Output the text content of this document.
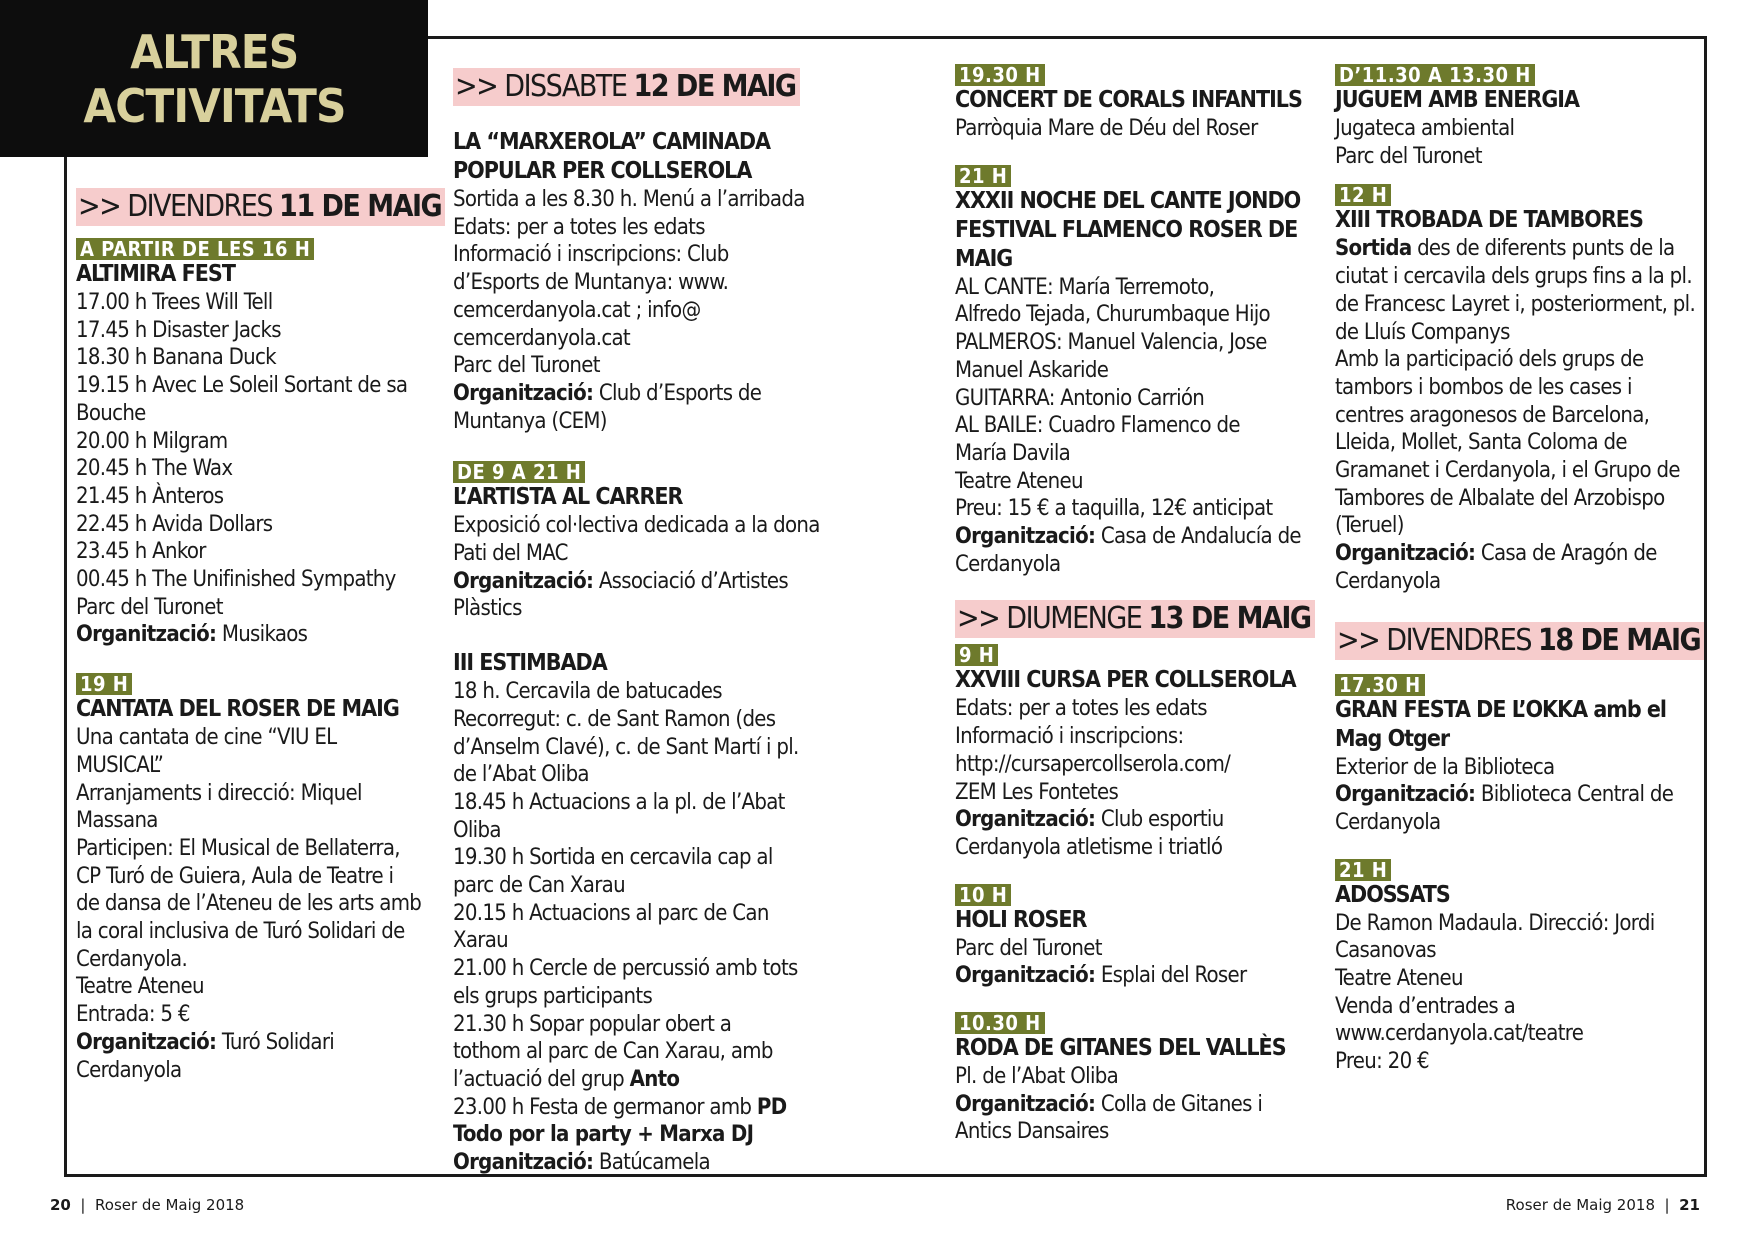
ALTRES
ACTIVITATS
>> DIVENDRES 11 DE MAIG
A PARTIR DE LES 16 H
ALTIMIRA FEST
17.00 h Trees Will Tell
17.45 h Disaster Jacks
18.30 h Banana Duck
19.15 h Avec Le Soleil Sortant de sa
Bouche
20.00 h Milgram
20.45 h The Wax
21.45 h Ànteros
22.45 h Avida Dollars
23.45 h Ankor
00.45 h The Unifinished Sympathy
Parc del Turonet
Organització: Musikaos
19 H
CANTATA DEL ROSER DE MAIG
Una cantata de cine “VIU EL
MUSICAL”
Arranjaments i direcció: Miquel
Massana
Participen: El Musical de Bellaterra,
CP Turó de Guiera, Aula de Teatre i
de dansa de l’Ateneu de les arts amb
la coral inclusiva de Turó Solidari de
Cerdanyola.
Teatre Ateneu
Entrada: 5 €
Organització: Turó Solidari
Cerdanyola
>> DISSABTE 12 DE MAIG
LA “MARXEROLA” CAMINADA
POPULAR PER COLLSEROLA
Sortida a les 8.30 h. Menú a l’arribada
Edats: per a totes les edats
Informació i inscripcions: Club
d’Esports de Muntanya: www.
cemcerdanyola.cat ; info@
cemcerdanyola.cat
Parc del Turonet
Organització: Club d’Esports de
Muntanya (CEM)
DE 9 A 21 H
L’ARTISTA AL CARRER
Exposició col·lectiva dedicada a la dona
Pati del MAC
Organització: Associació d’Artistes
Plàstics
III ESTIMBADA
18 h. Cercavila de batucades
Recorregut: c. de Sant Ramon (des
d’Anselm Clavé), c. de Sant Martí i pl.
de l’Abat Oliba
18.45 h Actuacions a la pl. de l’Abat Oliba
19.30 h Sortida en cercavila cap al
parc de Can Xarau
20.15 h Actuacions al parc de Can
Xarau
21.00 h Cercle de percussió amb tots
els grups participants
21.30 h Sopar popular obert a
tothom al parc de Can Xarau, amb
l’actuació del grup Anto
23.00 h Festa de germanor amb PD
Todo por la party + Marxa DJ
Organització: Batúcamela
19.30 H
CONCERT DE CORALS INFANTILS
Parròquia Mare de Déu del Roser
21 H
XXXII NOCHE DEL CANTE JONDO
FESTIVAL FLAMENCO ROSER DE MAIG
AL CANTE: María Terremoto,
Alfredo Tejada, Churumbaque Hijo
PALMEROS: Manuel Valencia, Jose
Manuel Askaride
GUITARRA: Antonio Carrión
AL BAILE: Cuadro Flamenco de
María Davila
Teatre Ateneu
Preu: 15 € a taquilla, 12€ anticipat
Organització: Casa de Andalucía de
Cerdanyola
>> DIUMENGE 13 DE MAIG
9 H
XXVIII CURSA PER COLLSEROLA
Edats: per a totes les edats
Informació i inscripcions:
http://cursapercollserola.com/
ZEM Les Fontetes
Organització: Club esportiu
Cerdanyola atletisme i triatló
10 H
HOLI ROSER
Parc del Turonet
Organització: Esplai del Roser
10.30 H
RODA DE GITANES DEL VALLÈS
Pl. de l’Abat Oliba
Organització: Colla de Gitanes i
Antics Dansaires
D’11.30 A 13.30 H
JUGUEM AMB ENERGIA
Jugateca ambiental
Parc del Turonet
12 H
XIII TROBADA DE TAMBORES
Sortida des de diferents punts de la
ciutat i cercavila dels grups fins a la pl.
de Francesc Layret i, posteriorment, pl.
de Lluís Companys
Amb la participació dels grups de
tambors i bombos de les cases i
centres aragonesos de Barcelona,
Lleida, Mollet, Santa Coloma de
Gramanet i Cerdanyola, i el Grupo de
Tambores de Albalate del Arzobispo
(Teruel)
Organització: Casa de Aragón de
Cerdanyola
>> DIVENDRES 18 DE MAIG
17.30 H
GRAN FESTA DE L’OKKA amb el
Mag Otger
Exterior de la Biblioteca
Organització: Biblioteca Central de
Cerdanyola
21 H
ADOSSATS
De Ramon Madaula. Direcció: Jordi
Casanovas
Teatre Ateneu
Venda d’entrades a
www.cerdanyola.cat/teatre
Preu: 20 €
20  |  Roser de Maig 2018	Roser de Maig 2018  |  21
